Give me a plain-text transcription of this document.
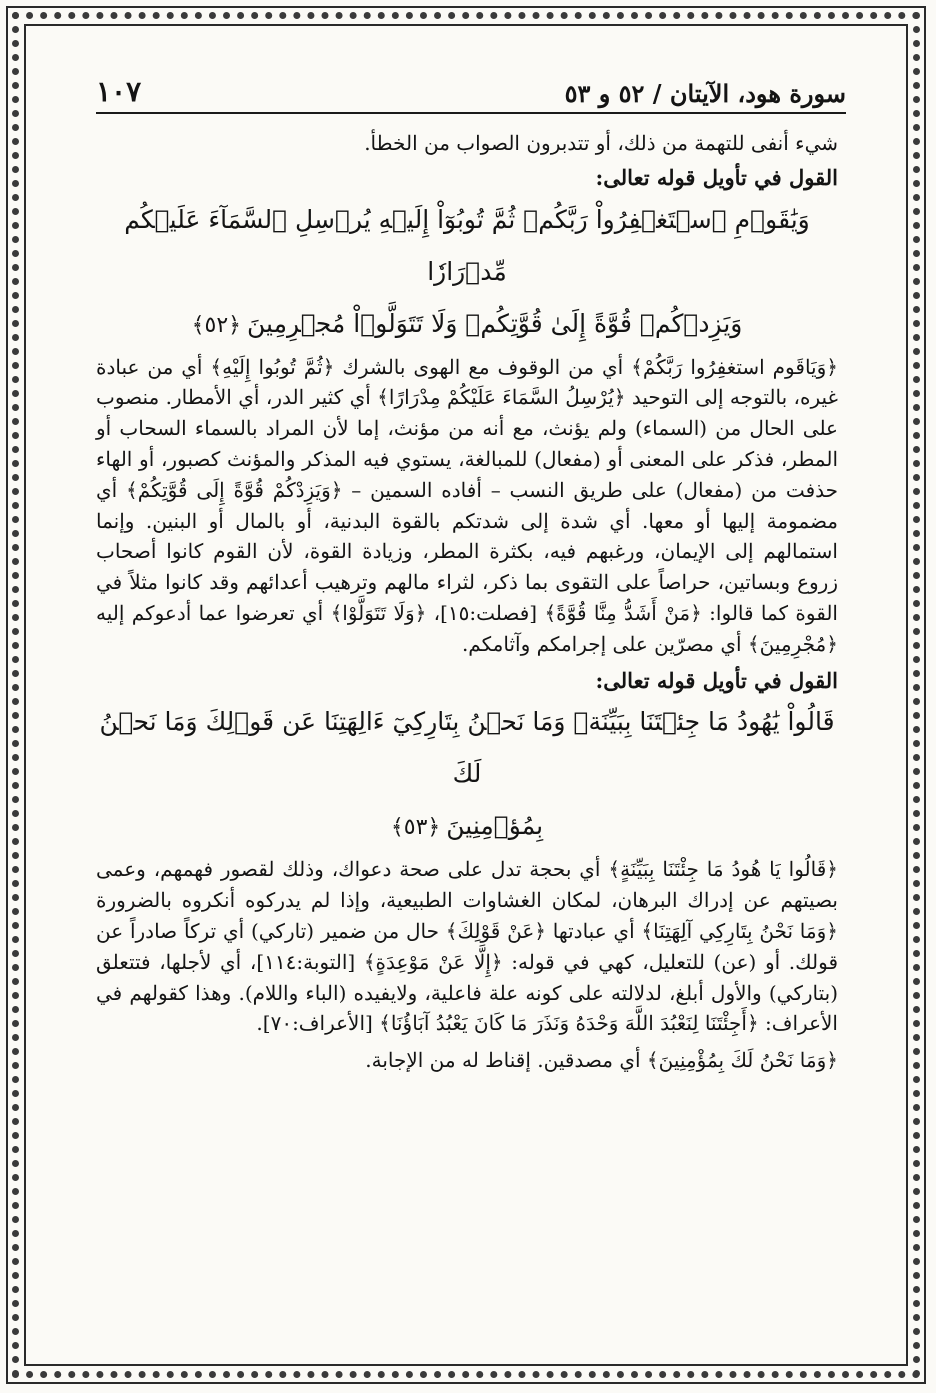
١٠٧	سورة هود، الآيتان / ٥٢ و ٥٣

شيء أنفى للتهمة من ذلك، أو تتدبرون الصواب من الخطأ.

القول في تأويل قوله تعالى:

وَيَٰقَوۡمِ ٱسۡتَغۡفِرُواْ رَبَّكُمۡ ثُمَّ تُوبُوٓاْ إِلَيۡهِ يُرۡسِلِ ٱلسَّمَآءَ عَلَيۡكُم مِّدۡرَارٗا
وَيَزِدۡكُمۡ قُوَّةً إِلَىٰ قُوَّتِكُمۡ وَلَا تَتَوَلَّوۡاْ مُجۡرِمِينَ﴿٥٢﴾

﴿وَيَاقَوم استغفِرُوا رَبَّكُمْ﴾ أي من الوقوف مع الهوى بالشرك ﴿ثُمَّ تُوبُوا إِلَيْهِ﴾ أي من عبادة غيره، بالتوجه إلى التوحيد ﴿يُرْسِلُ السَّمَاءَ عَلَيْكُمْ مِدْرَارًا﴾ أي كثير الدر، أي الأمطار. منصوب على الحال من (السماء) ولم يؤنث، مع أنه من مؤنث، إما لأن المراد بالسماء السحاب أو المطر، فذكر على المعنى أو (مفعال) للمبالغة، يستوي فيه المذكر والمؤنث كصبور، أو الهاء حذفت من (مفعال) على طريق النسب – أفاده السمين – ﴿وَيَزِدْكُمْ قُوَّةً إِلَى قُوَّتِكُمْ﴾ أي مضمومة إليها أو معها. أي شدة إلى شدتكم بالقوة البدنية، أو بالمال أو البنين. وإنما استمالهم إلى الإيمان، ورغبهم فيه، بكثرة المطر، وزيادة القوة، لأن القوم كانوا أصحاب زروع وبساتين، حراصاً على التقوى بما ذكر، لثراء مالهم وترهيب أعدائهم وقد كانوا مثلاً في القوة كما قالوا: ﴿مَنْ أَشَدُّ مِنَّا قُوَّةً﴾ [فصلت:١٥]، ﴿وَلَا تَتَوَلَّوْا﴾ أي تعرضوا عما أدعوكم إليه ﴿مُجْرِمِينَ﴾ أي مصرّين على إجرامكم وآثامكم.

القول في تأويل قوله تعالى:

قَالُواْ يَٰهُودُ مَا جِئۡتَنَا بِبَيِّنَةٖ وَمَا نَحۡنُ بِتَارِكِيٓ ءَالِهَتِنَا عَن قَوۡلِكَ وَمَا نَحۡنُ لَكَ
بِمُؤۡمِنِينَ﴿٥٣﴾

﴿قَالُوا يَا هُودُ مَا جِئْتَنَا بِبَيِّنَةٍ﴾ أي بحجة تدل على صحة دعواك، وذلك لقصور فهمهم، وعمى بصيتهم عن إدراك البرهان، لمكان الغشاوات الطبيعية، وإذا لم يدركوه أنكروه بالضرورة ﴿وَمَا نَحْنُ بِتَارِكِي آلِهَتِنَا﴾ أي عبادتها ﴿عَنْ قَوْلِكَ﴾ حال من ضمير (تاركي) أي تركاً صادراً عن قولك. أو (عن) للتعليل، كهي في قوله: ﴿إِلَّا عَنْ مَوْعِدَةٍ﴾ [التوبة:١١٤]، أي لأجلها، فتتعلق (بتاركي) والأول أبلغ، لدلالته على كونه علة فاعلية، ولايفيده (الباء واللام). وهذا كقولهم في الأعراف: ﴿أَجِئْتَنَا لِنَعْبُدَ اللَّهَ وَحْدَهُ وَنَذَرَ مَا كَانَ يَعْبُدُ آبَاؤُنَا﴾ [الأعراف:٧٠].

﴿وَمَا نَحْنُ لَكَ بِمُؤْمِنِينَ﴾ أي مصدقين. إقناط له من الإجابة.
